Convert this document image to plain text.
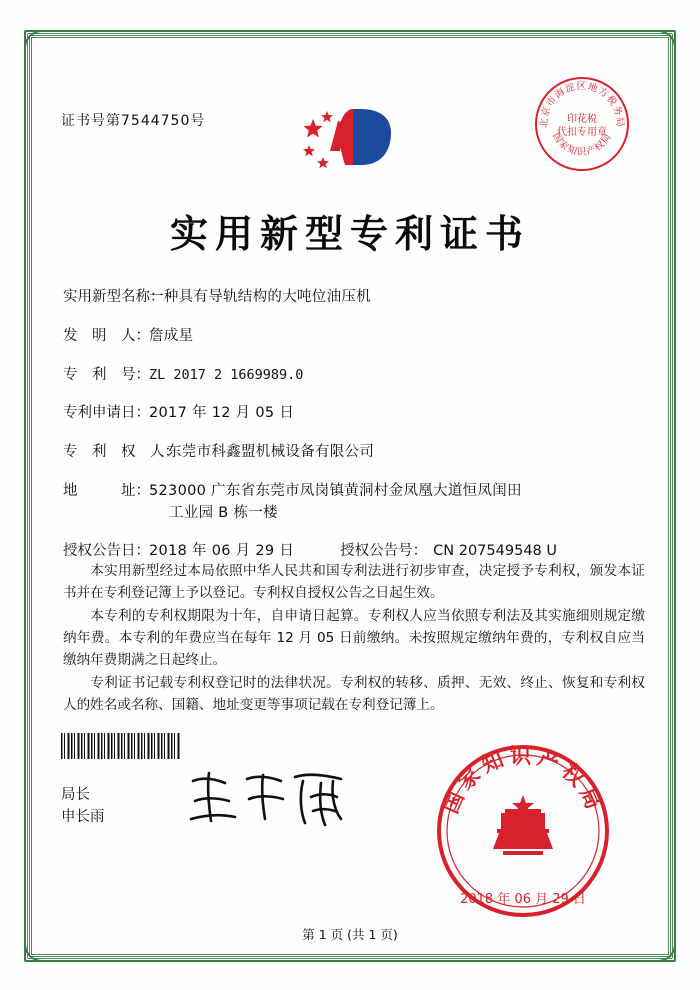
证书号第7544750号	北京市海淀区地方税务局
国家知识产权局
印花税
代扣专用章
实用新型专利证书
实用新型名称：
一种具有导轨结构的大吨位油压机
发　明　人： 詹成星
专　利　号： ZL 2017 2 1669989.0
专利申请日： 2017 年 12 月 05 日
专　利　权　人：
东莞市科鑫盟机械设备有限公司
地　　　址： 523000 广东省东莞市凤岗镇黄洞村金凤凰大道恒凤闺田
工业园 B 栋一楼
授权公告日： 2018 年 06 月 29 日	授权公告号： CN 207549548 U

本实用新型经过本局依照中华人民共和国专利法进行初步审查，决定授予专利权，颁发本证书并在专利登记簿上予以登记。专利权自授权公告之日起生效。

本专利的专利权期限为十年，自申请日起算。专利权人应当依照专利法及其实施细则规定缴纳年费。本专利的年费应当在每年 12 月 05 日前缴纳。未按照规定缴纳年费的，专利权自应当缴纳年费期满之日起终止。

专利证书记载专利权登记时的法律状况。专利权的转移、质押、无效、终止、恢复和专利权人的姓名或名称、国籍、地址变更等事项记载在专利登记簿上。

局长
申长雨	国家知识产权局
2018 年 06 月 29 日
第 1 页 (共 1 页)
